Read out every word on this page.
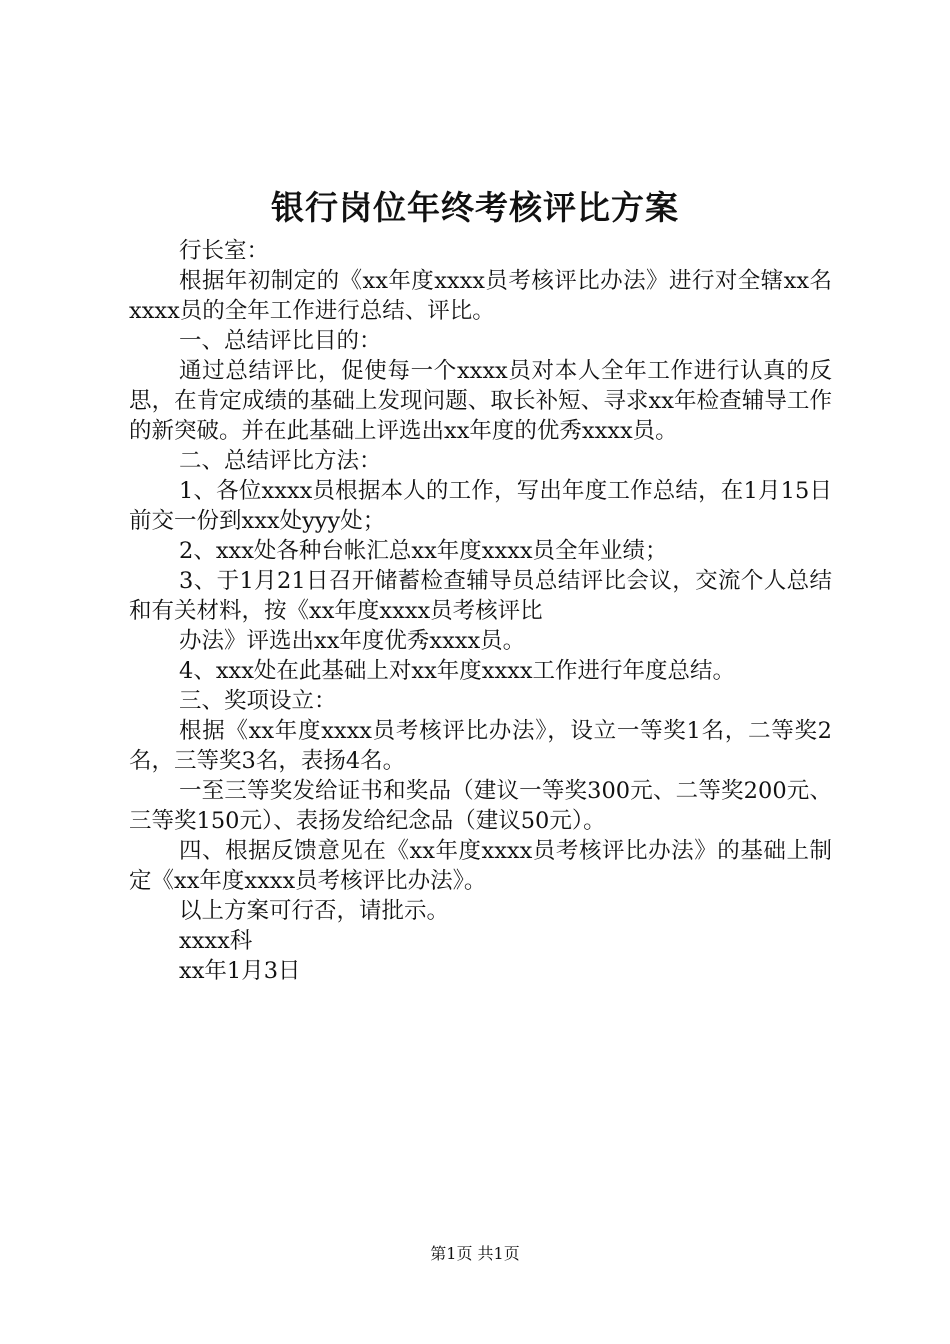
银行岗位年终考核评比方案

行长室：

根据年初制定的《xx年度xxxx员考核评比办法》进行对全辖xx名xxxx员的全年工作进行总结、评比。

一、总结评比目的：

通过总结评比，促使每一个xxxx员对本人全年工作进行认真的反思，在肯定成绩的基础上发现问题、取长补短、寻求xx年检查辅导工作的新突破。并在此基础上评选出xx年度的优秀xxxx员。

二、总结评比方法：

1、各位xxxx员根据本人的工作，写出年度工作总结，在1月15日前交一份到xxx处yyy处；

2、xxx处各种台帐汇总xx年度xxxx员全年业绩；

3、于1月21日召开储蓄检查辅导员总结评比会议，交流个人总结和有关材料，按《xx年度xxxx员考核评比

办法》评选出xx年度优秀xxxx员。

4、xxx处在此基础上对xx年度xxxx工作进行年度总结。

三、奖项设立：

根据《xx年度xxxx员考核评比办法》，设立一等奖1名，二等奖2名，三等奖3名，表扬4名。

一至三等奖发给证书和奖品（建议一等奖300元、二等奖200元、三等奖150元）、表扬发给纪念品（建议50元）。

四、根据反馈意见在《xx年度xxxx员考核评比办法》的基础上制定《xx年度xxxx员考核评比办法》。

以上方案可行否，请批示。

xxxx科

xx年1月3日

第1页 共1页
